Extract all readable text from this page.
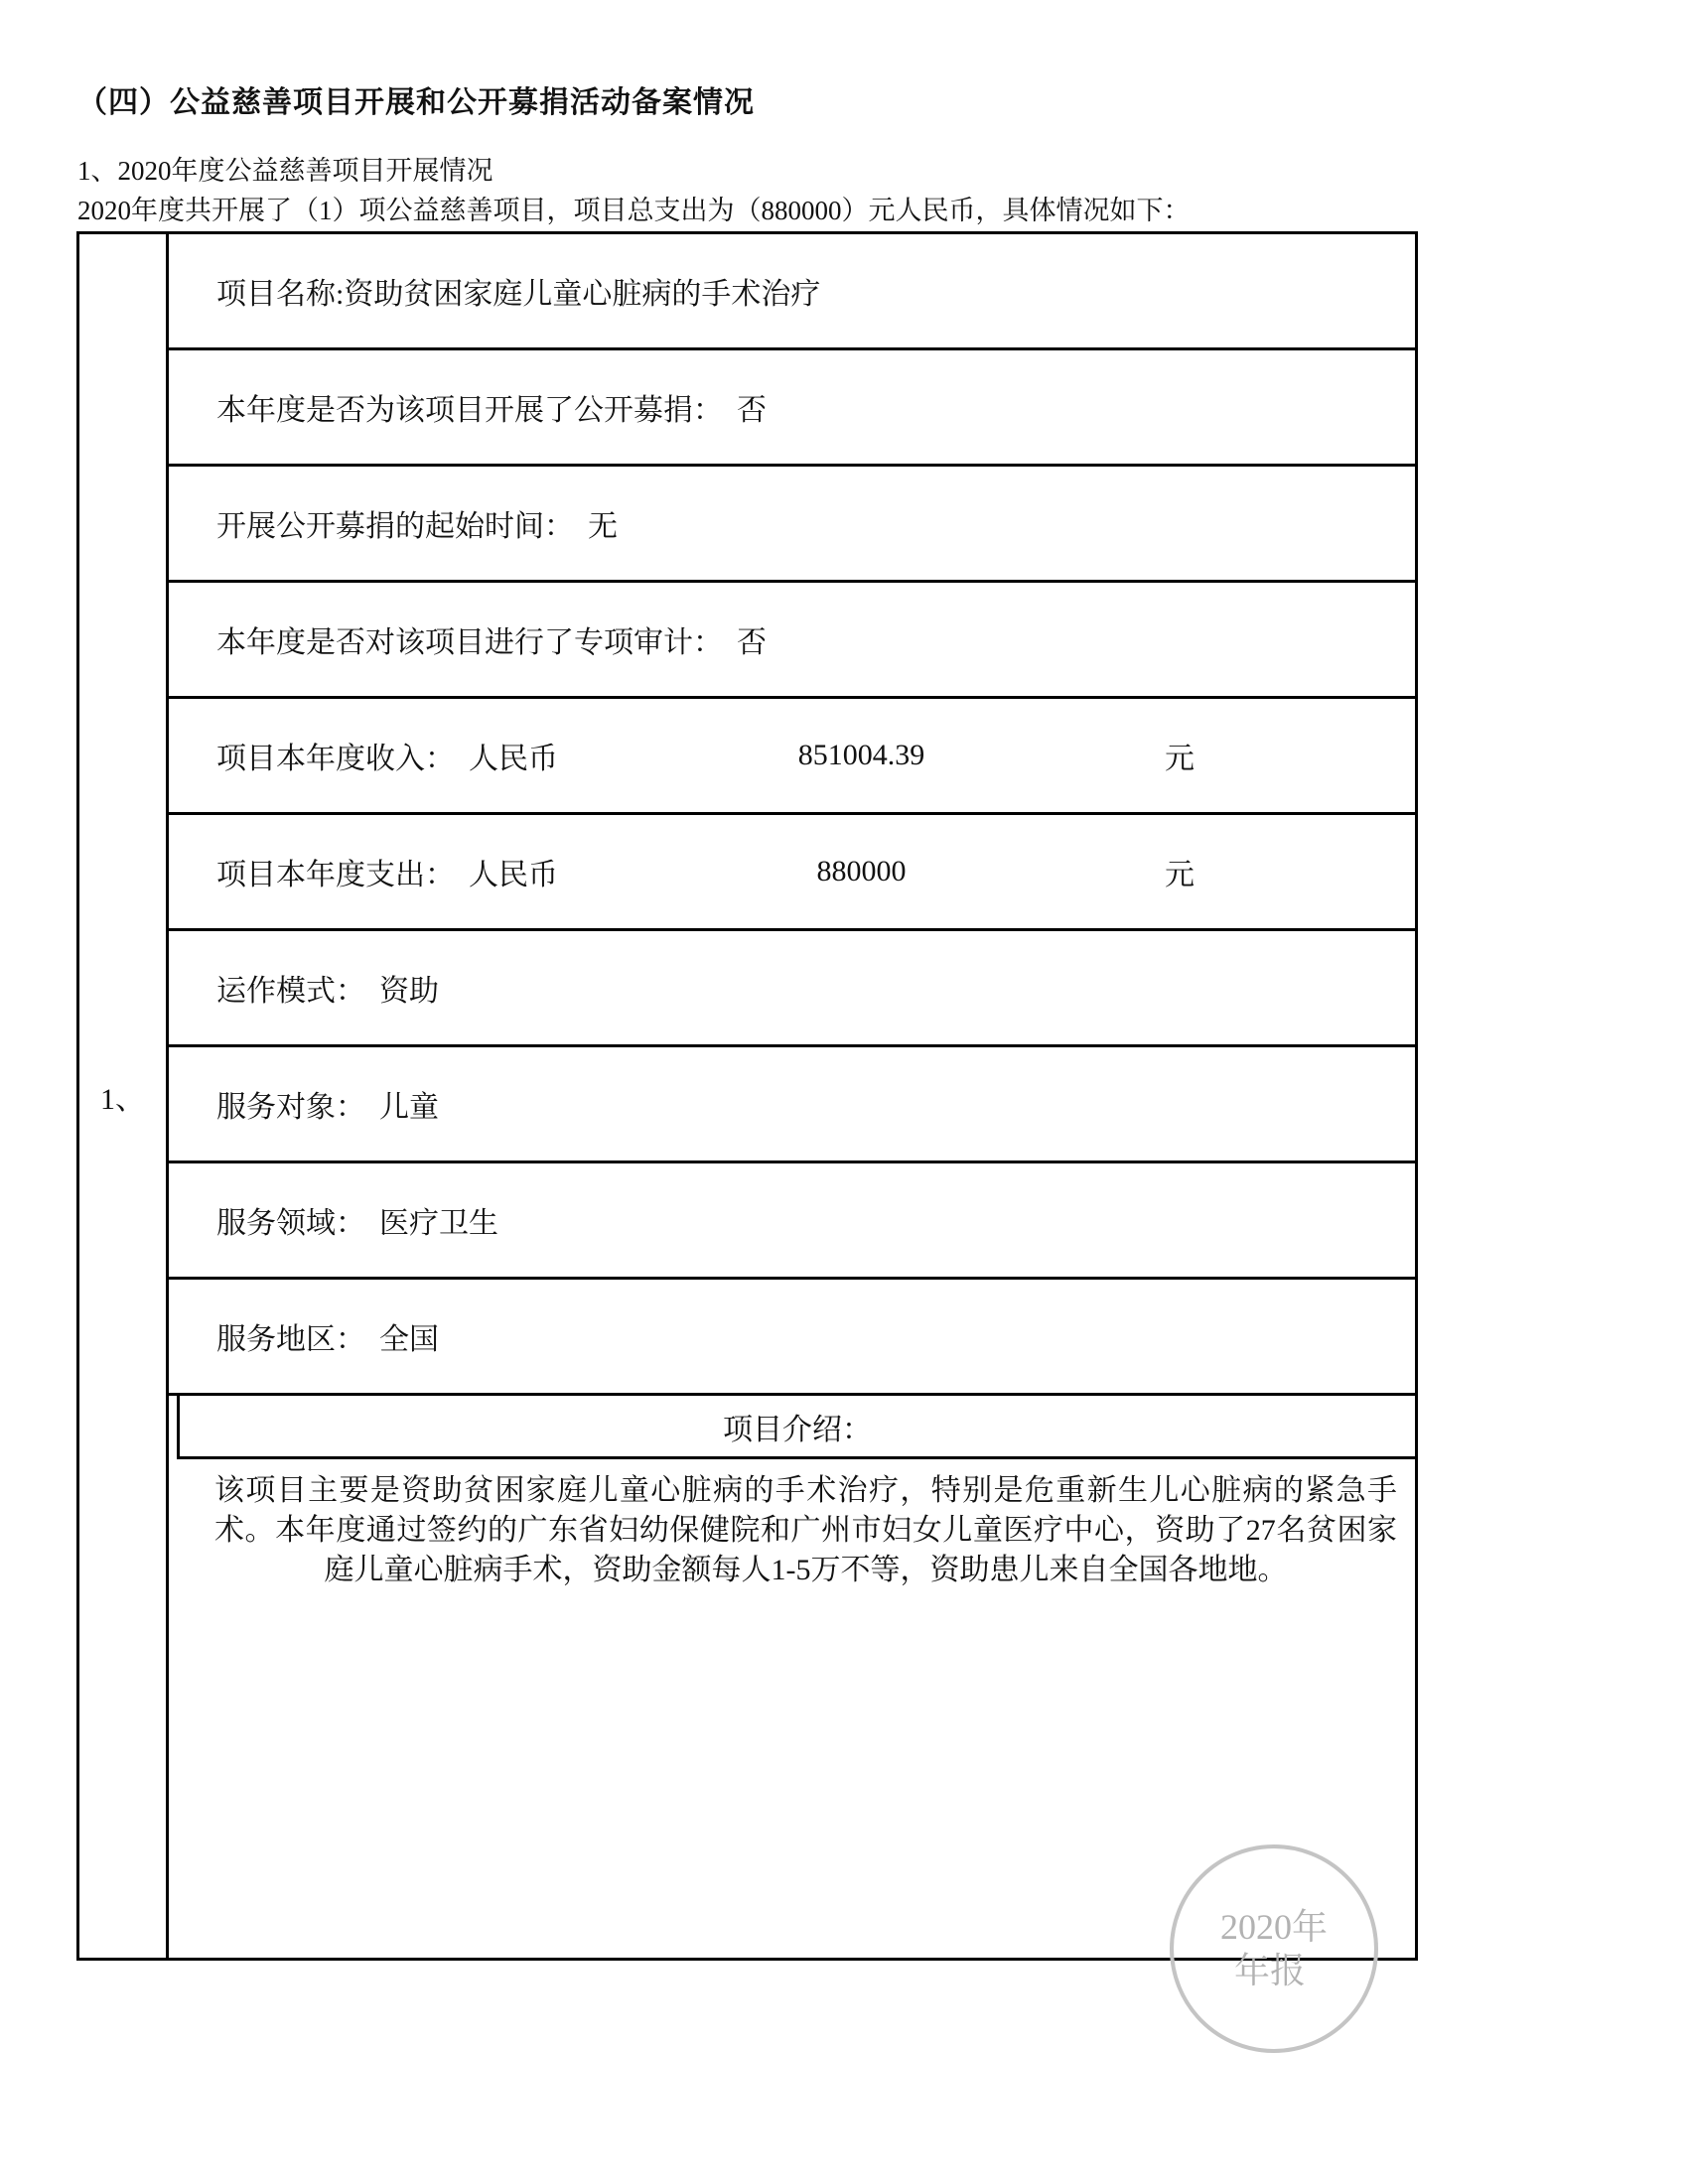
（四）公益慈善项目开展和公开募捐活动备案情况
1、2020年度公益慈善项目开展情况
2020年度共开展了（1）项公益慈善项目，项目总支出为（880000）元人民币，具体情况如下：
1、
项目名称: 资助贫困家庭儿童心脏病的手术治疗
本年度是否为该项目开展了公开募捐： 否
开展公开募捐的起始时间： 无
本年度是否对该项目进行了专项审计： 否
项目本年度收入： 人民币	851004.39	元
项目本年度支出： 人民币	880000	元
运作模式： 资助
服务对象： 儿童
服务领域： 医疗卫生
服务地区： 全国
项目介绍：
该项目主要是资助贫困家庭儿童心脏病的手术治疗，特别是危重新生儿心脏病的紧急手术。本年度通过签约的广东省妇幼保健院和广州市妇女儿童医疗中心，资助了27名贫困家庭儿童心脏病手术，资助金额每人1-5万不等，资助患儿来自全国各地地。
2020年
年报
